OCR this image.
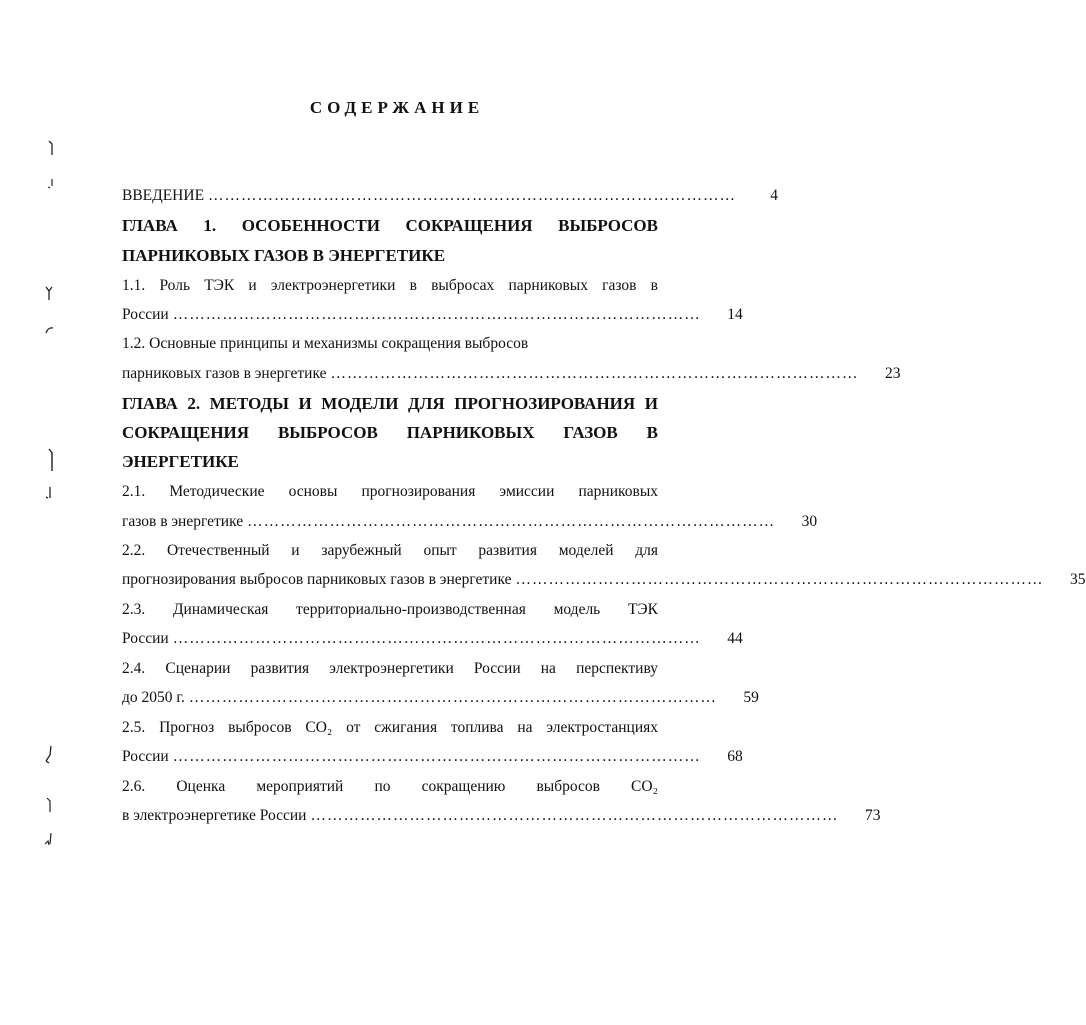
СОДЕРЖАНИЕ
ВВЕДЕНИЕ ……………………………………………………………………………………	4
ГЛАВА 1. ОСОБЕННОСТИ СОКРАЩЕНИЯ ВЫБРОСОВ
ПАРНИКОВЫХ ГАЗОВ В ЭНЕРГЕТИКЕ
1.1. Роль ТЭК и электроэнергетики в выбросах парниковых газов в
России ……………………………………………………………………………………	14
1.2. Основные принципы и механизмы сокращения выбросов
парниковых газов в энергетике ……………………………………………………………………………………	23
ГЛАВА 2. МЕТОДЫ И МОДЕЛИ ДЛЯ ПРОГНОЗИРОВАНИЯ И
СОКРАЩЕНИЯ ВЫБРОСОВ ПАРНИКОВЫХ ГАЗОВ В
ЭНЕРГЕТИКЕ
2.1. Методические основы прогнозирования эмиссии парниковых
газов в энергетике ……………………………………………………………………………………	30
2.2. Отечественный и зарубежный опыт развития моделей для
прогнозирования выбросов парниковых газов в энергетике ……………………………………………………………………………………	35
2.3. Динамическая территориально-производственная модель ТЭК
России ……………………………………………………………………………………	44
2.4. Сценарии развития электроэнергетики России на перспективу
до 2050 г. ……………………………………………………………………………………	59
2.5. Прогноз выбросов СО₂ от сжигания топлива на электростанциях
России ……………………………………………………………………………………	68
2.6. Оценка мероприятий по сокращению выбросов СО₂
в электроэнергетике России ……………………………………………………………………………………	73
